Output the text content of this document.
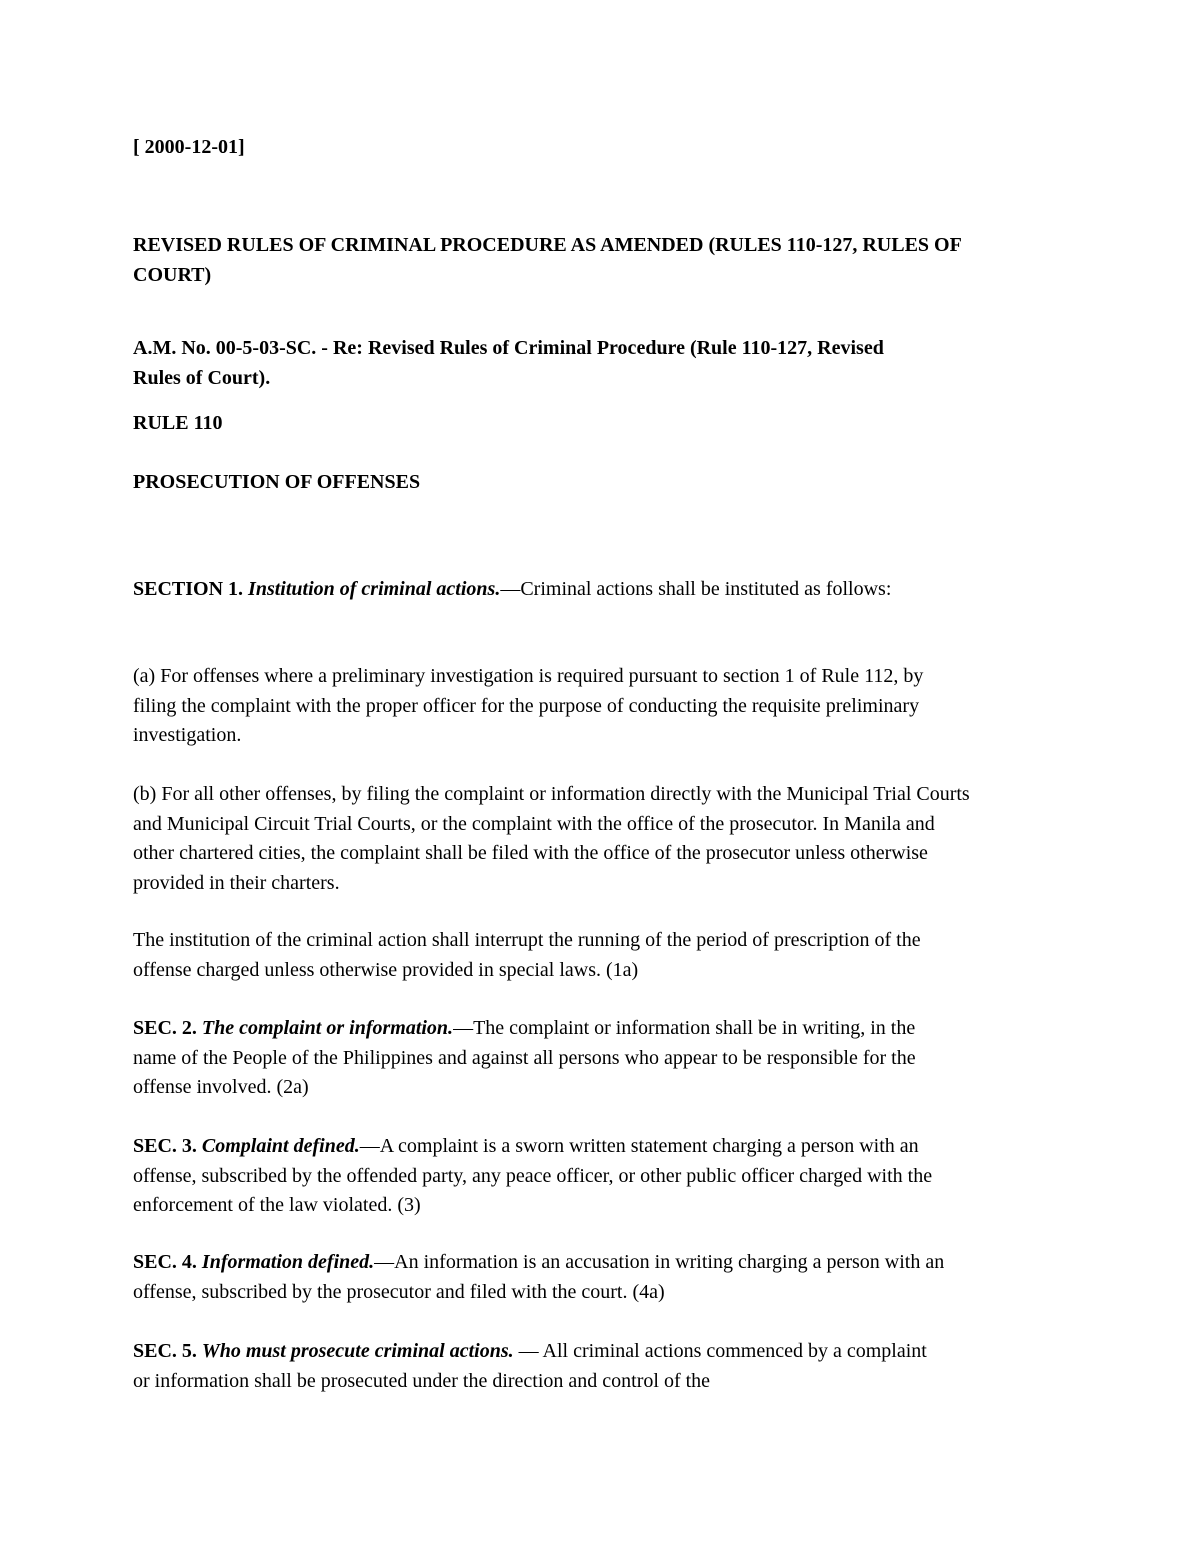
[ 2000-12-01]

REVISED RULES OF CRIMINAL PROCEDURE AS AMENDED (RULES 110-127, RULES OF COURT)

A.M. No. 00-5-03-SC. - Re: Revised Rules of Criminal Procedure (Rule 110-127, Revised Rules of Court).

RULE 110

PROSECUTION OF OFFENSES

SECTION 1. Institution of criminal actions.—Criminal actions shall be instituted as follows:

(a) For offenses where a preliminary investigation is required pursuant to section 1 of Rule 112, by filing the complaint with the proper officer for the purpose of conducting the requisite preliminary investigation.

(b) For all other offenses, by filing the complaint or information directly with the Municipal Trial Courts and Municipal Circuit Trial Courts, or the complaint with the office of the prosecutor. In Manila and other chartered cities, the complaint shall be filed with the office of the prosecutor unless otherwise provided in their charters.

The institution of the criminal action shall interrupt the running of the period of prescription of the offense charged unless otherwise provided in special laws. (1a)

SEC. 2. The complaint or information.—The complaint or information shall be in writing, in the name of the People of the Philippines and against all persons who appear to be responsible for the offense involved. (2a)

SEC. 3. Complaint defined.—A complaint is a sworn written statement charging a person with an offense, subscribed by the offended party, any peace officer, or other public officer charged with the enforcement of the law violated. (3)

SEC. 4. Information defined.—An information is an accusation in writing charging a person with an offense, subscribed by the prosecutor and filed with the court. (4a)

SEC. 5. Who must prosecute criminal actions. — All criminal actions commenced by a complaint or information shall be prosecuted under the direction and control of the
